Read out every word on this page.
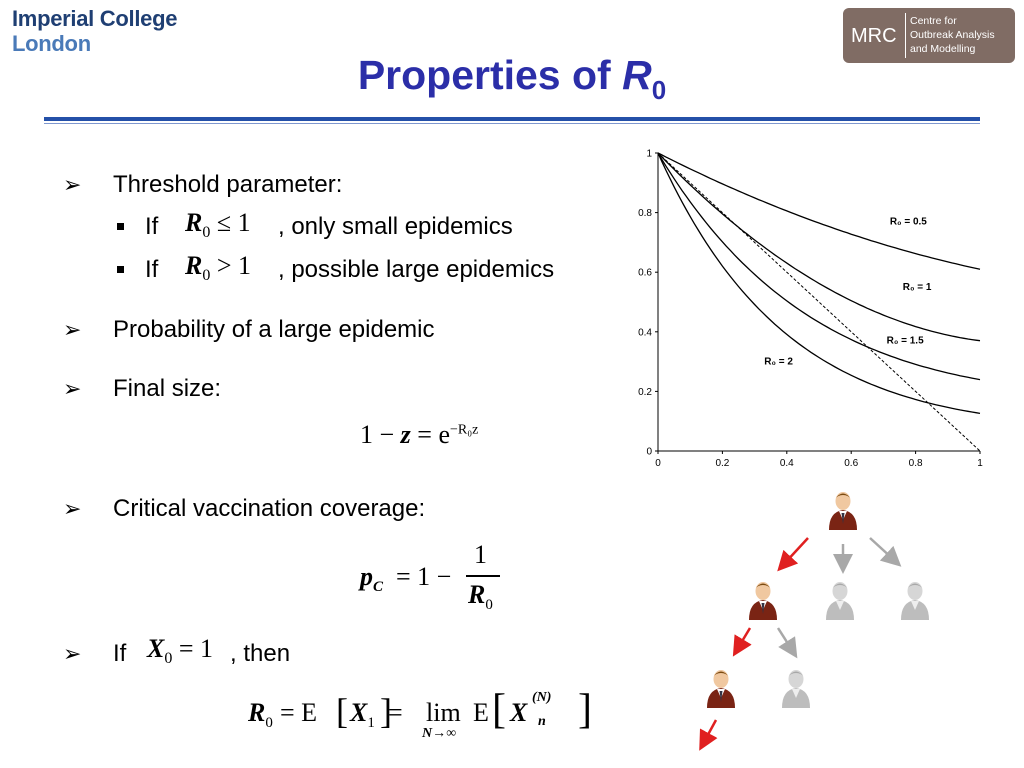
Imperial College
London	MRC
Centre for
Outbreak Analysis
and Modelling
Properties of $R_0$
➢ Threshold parameter:
If $R_0 \le 1$ , only small epidemics
If $R_0 > 1$ , possible large epidemics
➢ Probability of a large epidemic
➢ Final size:
$1 - z = e^{-R_0z}$
➢ Critical vaccination coverage:
$p_C = 1$ −
1
$R_0$
➢ If $X_0 = 1$ , then
$R_0 = E$ [ $X_1$ ]
= lim
N→∞
E [ X
(N)
n ]
0	0.2	0.4	0.6	0.8	1
0
0.2
0.4
0.6
0.8
1
R₀ = 0.5
R₀ = 1
R₀ = 1.5
R₀ = 2
